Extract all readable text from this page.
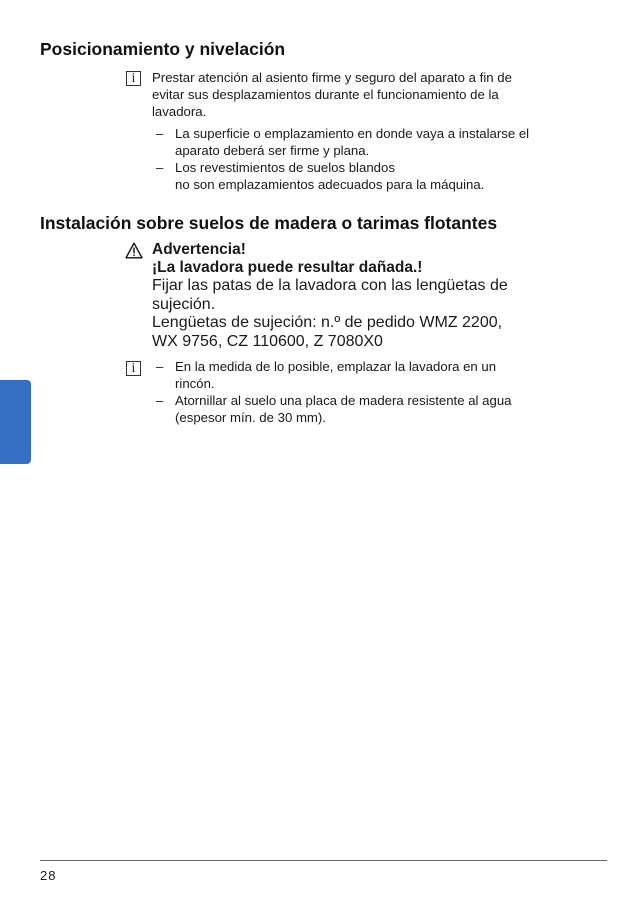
Posicionamiento y nivelación
i	Prestar atención al asiento firme y seguro del aparato a fin de
evitar sus desplazamientos durante el funcionamiento de la
lavadora.

– La superficie o emplazamiento en donde vaya a instalarse el
aparato deberá ser firme y plana.
– Los revestimientos de suelos blandos
no son emplazamientos adecuados para la máquina.
Instalación sobre suelos de madera o tarimas flotantes

Advertencia!

¡La lavadora puede resultar dañada.!

Fijar las patas de la lavadora con las lengüetas de
sujeción.
Lengüetas de sujeción: n.º de pedido WMZ 2200,
WX 9756, CZ 110600, Z 7080X0

i	– En la medida de lo posible, emplazar la lavadora en un
rincón.
– Atornillar al suelo una placa de madera resistente al agua
(espesor mín. de 30 mm).
28
